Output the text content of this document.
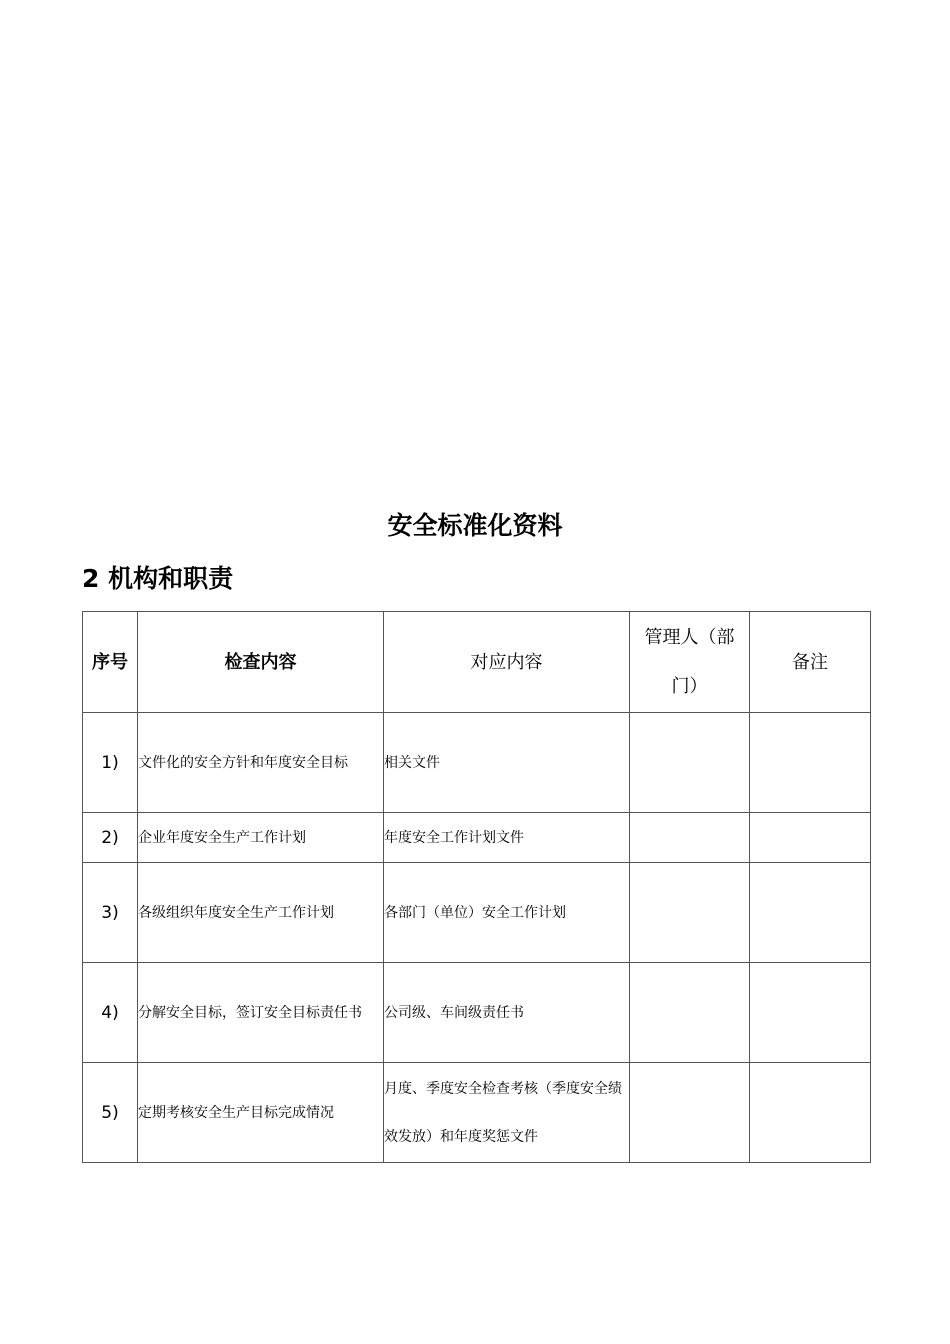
安全标准化资料
2 机构和职责
序号	检查内容	对应内容	管理人（部门）	备注

1)	文件化的安全方针和年度安全目标	相关文件		
2)	企业年度安全生产工作计划	年度安全工作计划文件		
3)	各级组织年度安全生产工作计划	各部门（单位）安全工作计划		
4)	分解安全目标，签订安全目标责任书	公司级、车间级责任书		
5)	定期考核安全生产目标完成情况	月度、季度安全检查考核（季度安全绩效发放）和年度奖惩文件		
